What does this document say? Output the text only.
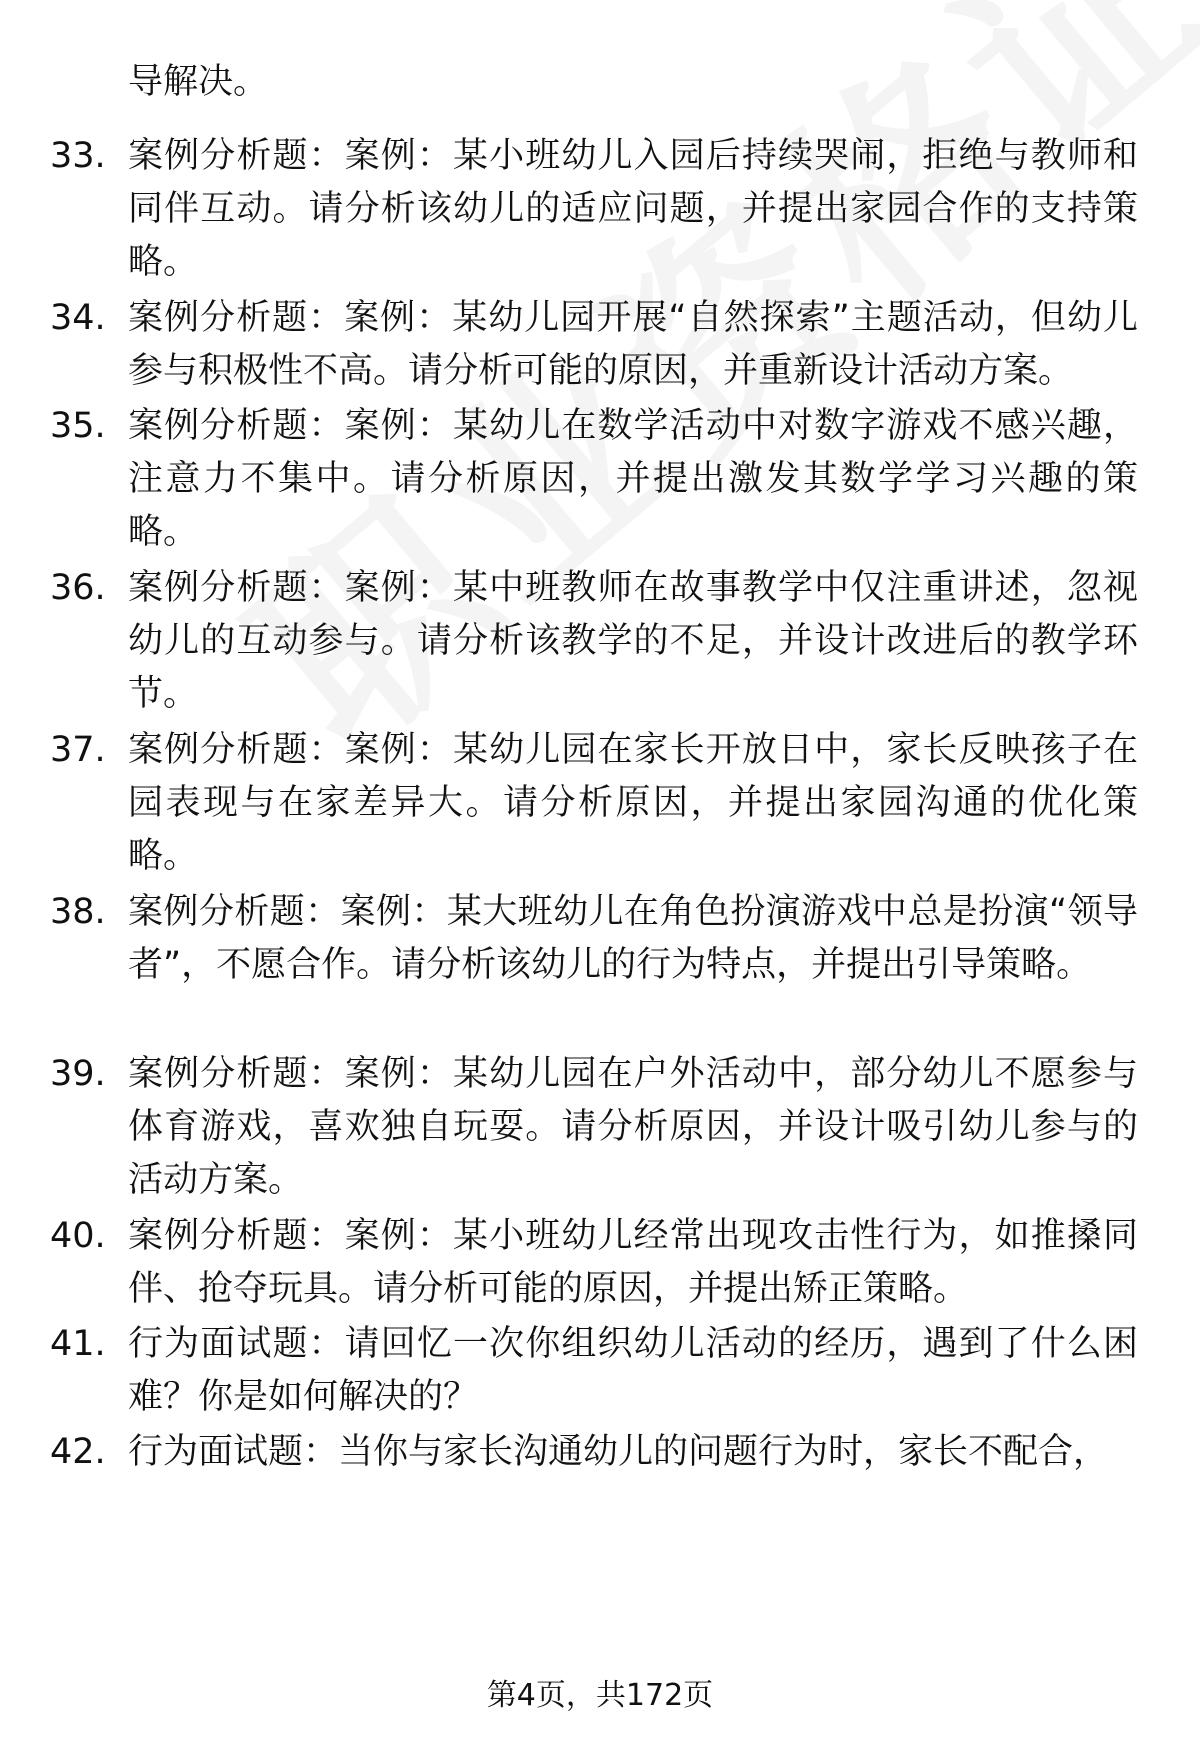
导解决。
33. 案例分析题：案例：某小班幼儿入园后持续哭闹，拒绝与教师和同伴互动。请分析该幼儿的适应问题，并提出家园合作的支持策略。
34. 案例分析题：案例：某幼儿园开展“自然探索”主题活动，但幼儿参与积极性不高。请分析可能的原因，并重新设计活动方案。
35. 案例分析题：案例：某幼儿在数学活动中对数字游戏不感兴趣，注意力不集中。请分析原因，并提出激发其数学学习兴趣的策略。
36. 案例分析题：案例：某中班教师在故事教学中仅注重讲述，忽视幼儿的互动参与。请分析该教学的不足，并设计改进后的教学环节。
37. 案例分析题：案例：某幼儿园在家长开放日中，家长反映孩子在园表现与在家差异大。请分析原因，并提出家园沟通的优化策略。
38. 案例分析题：案例：某大班幼儿在角色扮演游戏中总是扮演“领导者”，不愿合作。请分析该幼儿的行为特点，并提出引导策略。
39. 案例分析题：案例：某幼儿园在户外活动中，部分幼儿不愿参与体育游戏，喜欢独自玩耍。请分析原因，并设计吸引幼儿参与的活动方案。
40. 案例分析题：案例：某小班幼儿经常出现攻击性行为，如推搡同伴、抢夺玩具。请分析可能的原因，并提出矫正策略。
41. 行为面试题：请回忆一次你组织幼儿活动的经历，遇到了什么困难？你是如何解决的？
42. 行为面试题：当你与家长沟通幼儿的问题行为时，家长不配合，
第4页，共172页
